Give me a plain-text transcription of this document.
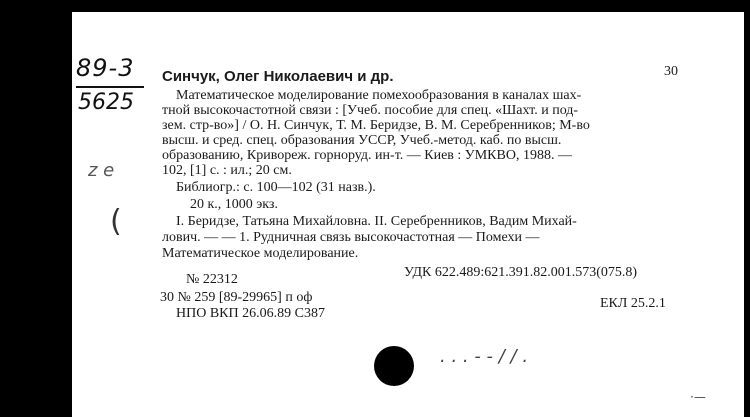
89-3
5625
z e
(
30
Синчук, Олег Николаевич и др.
Математическое моделирование помехообразования в каналах шах-
тной высокочастотной связи : [Учеб. пособие для спец. «Шахт. и под-
зем. стр-во»] / О. Н. Синчук, Т. М. Беридзе, В. М. Серебренников; М-во
высш. и сред. спец. образования УССР, Учеб.-метод. каб. по высш.
образованию, Кривореж. горноруд. ин-т. — Киев : УМКВО, 1988. —
102, [1] с. : ил.; 20 см.
Библиогр.: с. 100—102 (31 назв.).
20 к., 1000 экз.
I. Беридзе, Татьяна Михайловна. II. Серебренников, Вадим Михай-
лович. — — 1. Рудничная связь высокочастотная — Помехи —
Математическое моделирование.
УДК 622.489:621.391.82.001.573(075.8)
№ 22312
30 № 259 [89-29965] п оф
НПО ВКП 26.06.89 С387
ЕКЛ 25.2.1
. . . - - / / .
·—
